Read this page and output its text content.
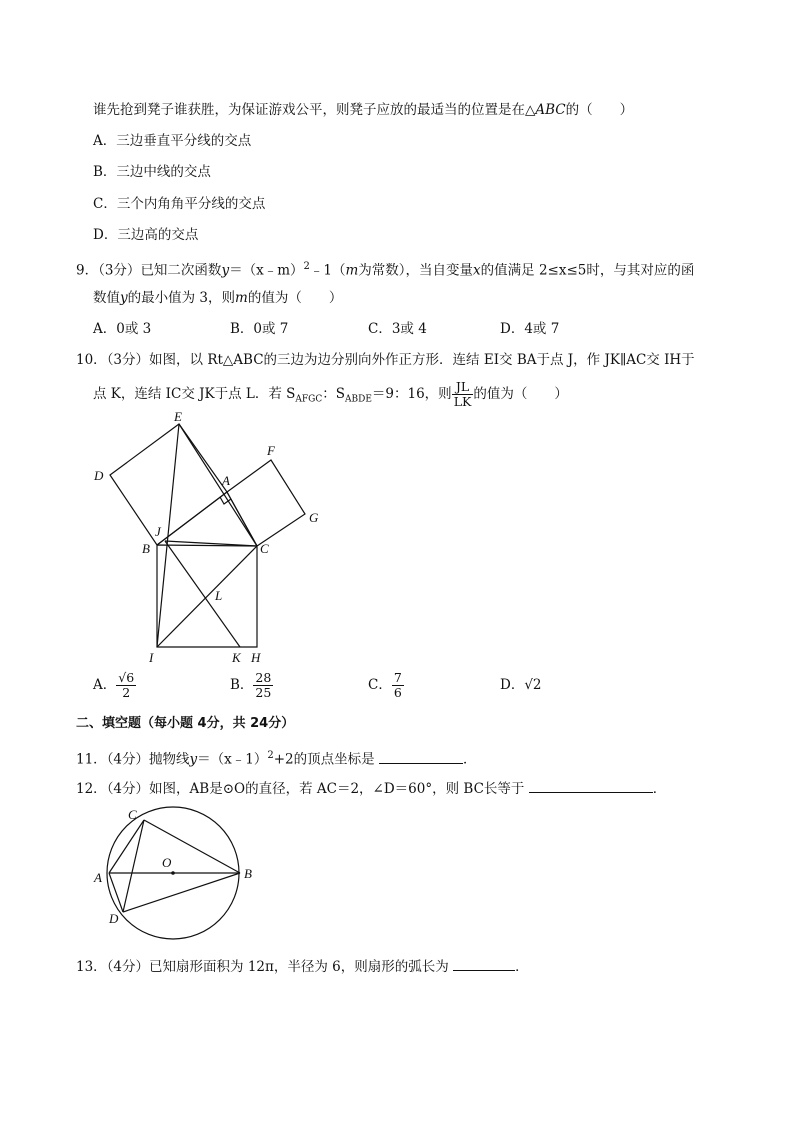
谁先抢到凳子谁获胜，为保证游戏公平，则凳子应放的最适当的位置是在△ABC的（　　）
A．三边垂直平分线的交点
B．三边中线的交点
C．三个内角角平分线的交点
D．三边高的交点
9．（3分）已知二次函数y＝（x﹣m）$^2$﹣1（m为常数），当自变量x的值满足 2≤x≤5时，与其对应的函
数值y的最小值为 3，则m的值为（　　）
A．0或 3	B．0或 7	C．3或 4	D．4或 7
10．（3分）如图，以 Rt△ABC的三边为边分别向外作正方形．连结 EI交 BA于点 J，作 JK∥AC交 IH于
点 K，连结 IC交 JK于点 L．若 $S_{AFGC}$：$S_{ABDE}=9$：16，则 $\frac{JL}{LK}$ 的值为（　　）
E
F
A
D
G
J
B	C
L
I	K H
A． $\frac{√6}{2}$	B． $\frac{28}{25}$	C． $\frac{7}{6}$	D．√2
二、填空题（每小题 4分，共 24分）
11．（4分）抛物线y＝（x﹣1）$^2$+2的顶点坐标是	．
12．（4分）如图，AB是⊙O的直径，若 AC＝2，∠D＝60°，则 BC长等于	．
C
O
A	B
D
13．（4分）已知扇形面积为 12π，半径为 6，则扇形的弧长为	．
